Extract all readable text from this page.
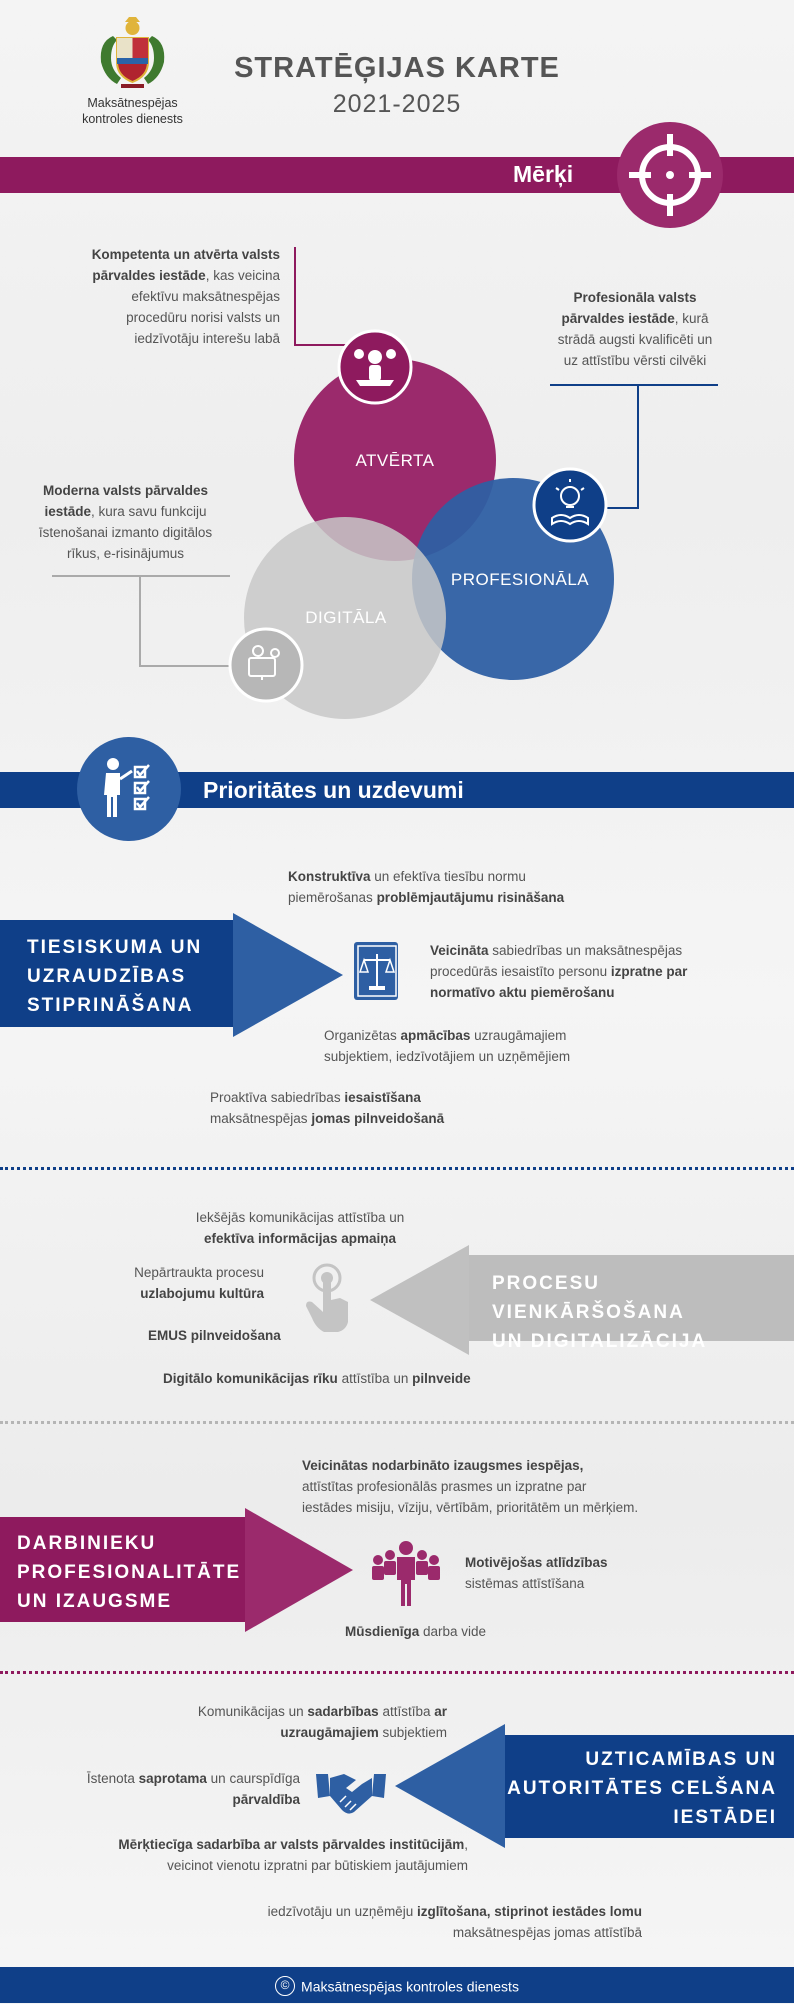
Maksātnespējas
kontroles dienests
STRATĒĢIJAS KARTE
2021-2025
Mērķi
Kompetenta un atvērta valsts
pārvaldes iestāde, kas veicina
efektīvu maksātnespējas
procedūru norisi valsts un
iedzīvotāju interešu labā
Profesionāla valsts
pārvaldes iestāde, kurā
strādā augsti kvalificēti un
uz attīstību vērsti cilvēki
Moderna valsts pārvaldes
iestāde, kura savu funkciju
īstenošanai izmanto digitālos
rīkus, e-risinājumus
ATVĒRTA
PROFESIONĀLA
DIGITĀLA
Prioritātes un uzdevumi
Konstruktīva un efektīva tiesību normu
piemērošanas problēmjautājumu risināšana
TIESISKUMA UN
UZRAUDZĪBAS
STIPRINĀŠANA
Veicināta sabiedrības un maksātnespējas
procedūrās iesaistīto personu izpratne par
normatīvo aktu piemērošanu
Organizētas apmācības uzraugāmajiem
subjektiem, iedzīvotājiem un uzņēmējiem
Proaktīva sabiedrības iesaistīšana
maksātnespējas jomas pilnveidošanā
Iekšējās komunikācijas attīstība un
efektīva informācijas apmaiņa
Nepārtraukta procesu
uzlabojumu kultūra
EMUS pilnveidošana
PROCESU VIENKĀRŠOŠANA
UN DIGITALIZĀCIJA
Digitālo komunikācijas rīku attīstība un pilnveide
Veicinātas nodarbināto izaugsmes iespējas,
attīstītas profesionālās prasmes un izpratne par
iestādes misiju, vīziju, vērtībām, prioritātēm un mērķiem.
DARBINIEKU
PROFESIONALITĀTE
UN IZAUGSME
Motivējošas atlīdzības
sistēmas attīstīšana
Mūsdienīga darba vide
Komunikācijas un sadarbības attīstība ar
uzraugāmajiem subjektiem
Īstenota saprotama un caurspīdīga
pārvaldība
UZTICAMĪBAS UN
AUTORITĀTES CELŠANA
IESTĀDEI
Mērķtiecīga sadarbība ar valsts pārvaldes institūcijām,
veicinot vienotu izpratni par būtiskiem jautājumiem
iedzīvotāju un uzņēmēju izglītošana, stiprinot iestādes lomu
maksātnespējas jomas attīstībā
© Maksātnespējas kontroles dienests
